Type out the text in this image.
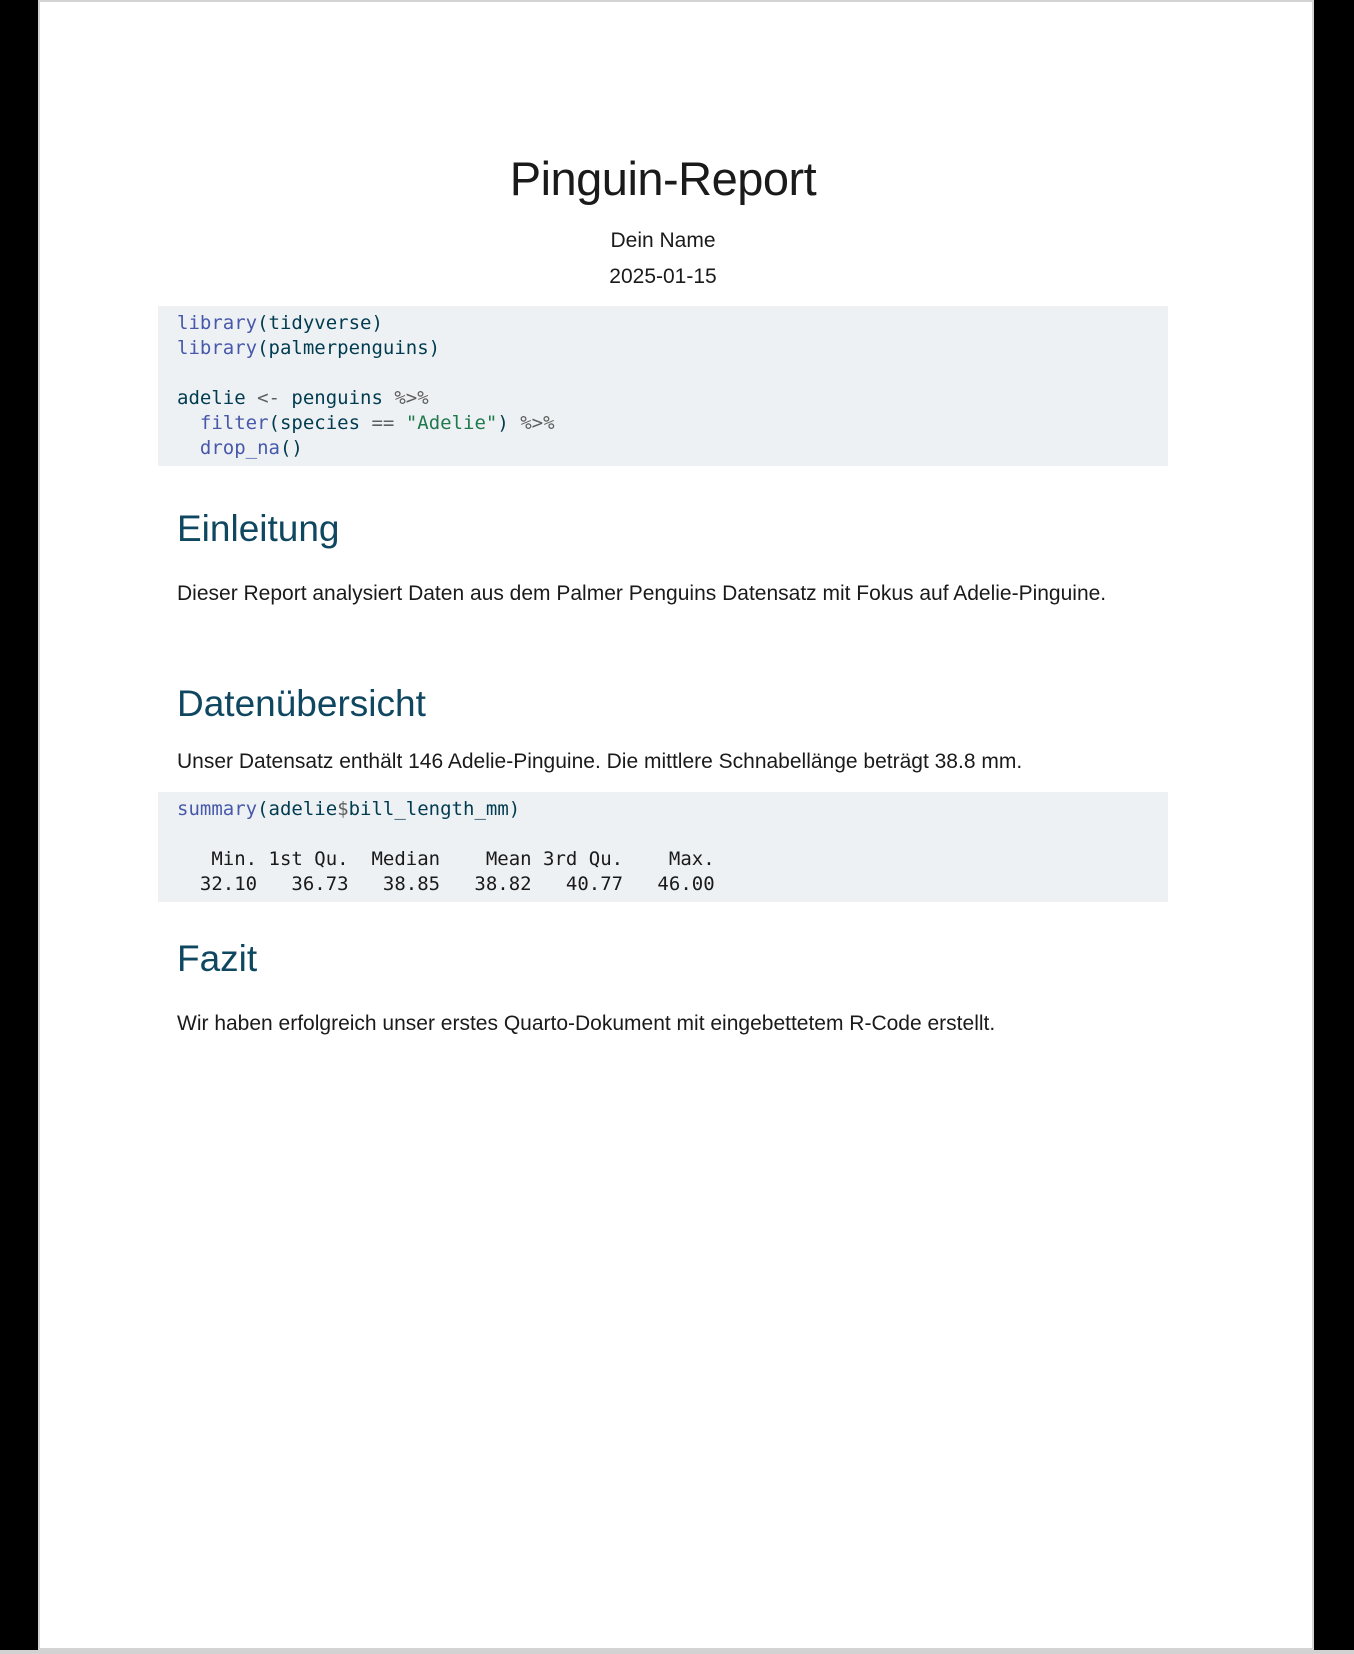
Pinguin-Report
Dein Name
2025-01-15
library(tidyverse)
library(palmerpenguins)

adelie <- penguins %>%
filter(species == "Adelie") %>%
drop_na()
Einleitung

Dieser Report analysiert Daten aus dem Palmer Penguins Datensatz mit Fokus auf Adelie-Pinguine.

Datenübersicht

Unser Datensatz enthält 146 Adelie-Pinguine. Die mittlere Schnabellänge beträgt 38.8 mm.

summary(adelie$bill_length_mm)

Min. 1st Qu.  Median    Mean 3rd Qu.    Max.
32.10   36.73   38.85   38.82   40.77   46.00
Fazit

Wir haben erfolgreich unser erstes Quarto-Dokument mit eingebettetem R-Code erstellt.
